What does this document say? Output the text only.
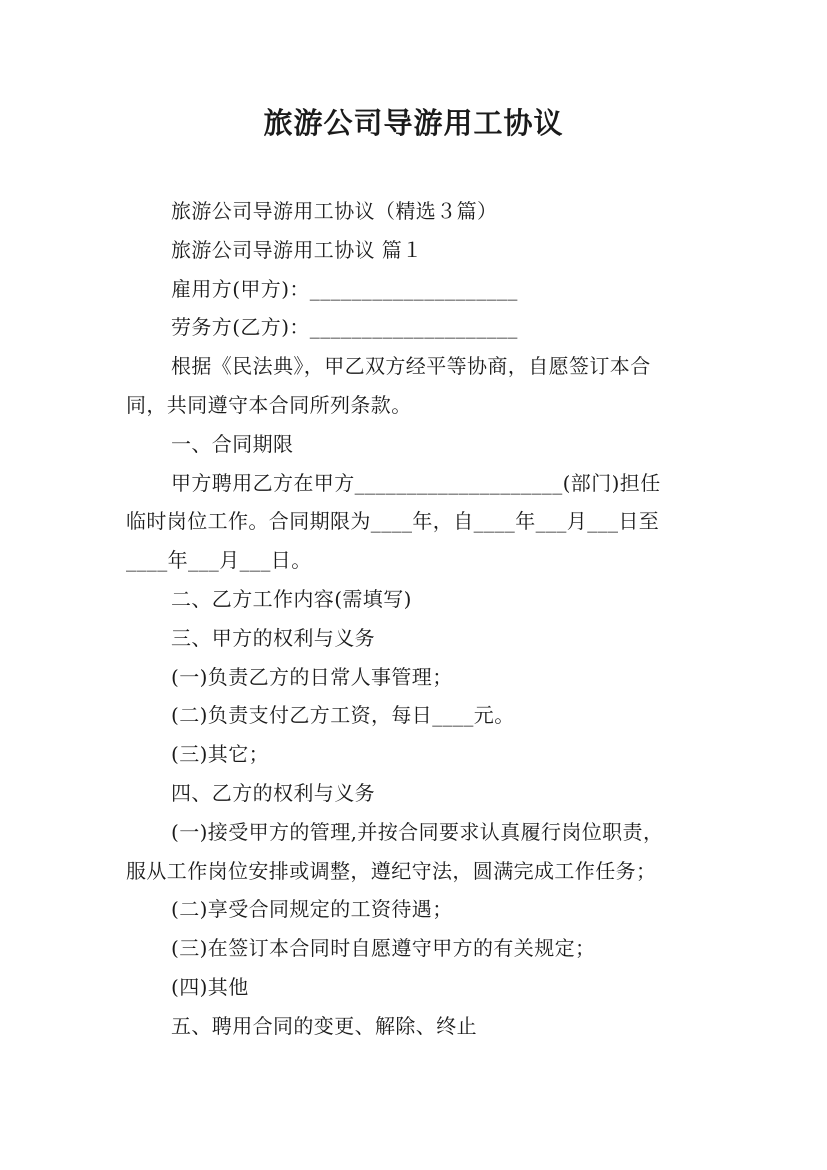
旅游公司导游用工协议
旅游公司导游用工协议（精选３篇）
旅游公司导游用工协议 篇１
雇用方(甲方)：____________________
劳务方(乙方)：____________________
根据《民法典》，甲乙双方经平等协商，自愿签订本合
同，共同遵守本合同所列条款。
一、合同期限
甲方聘用乙方在甲方____________________(部门)担任
临时岗位工作。合同期限为____年，自____年___月___日至
____年___月___日。
二、乙方工作内容(需填写)
三、甲方的权利与义务
(一)负责乙方的日常人事管理；
(二)负责支付乙方工资，每日____元。
(三)其它；
四、乙方的权利与义务
(一)接受甲方的管理,并按合同要求认真履行岗位职责，
服从工作岗位安排或调整，遵纪守法，圆满完成工作任务；
(二)享受合同规定的工资待遇；
(三)在签订本合同时自愿遵守甲方的有关规定；
(四)其他
五、聘用合同的变更、解除、终止
